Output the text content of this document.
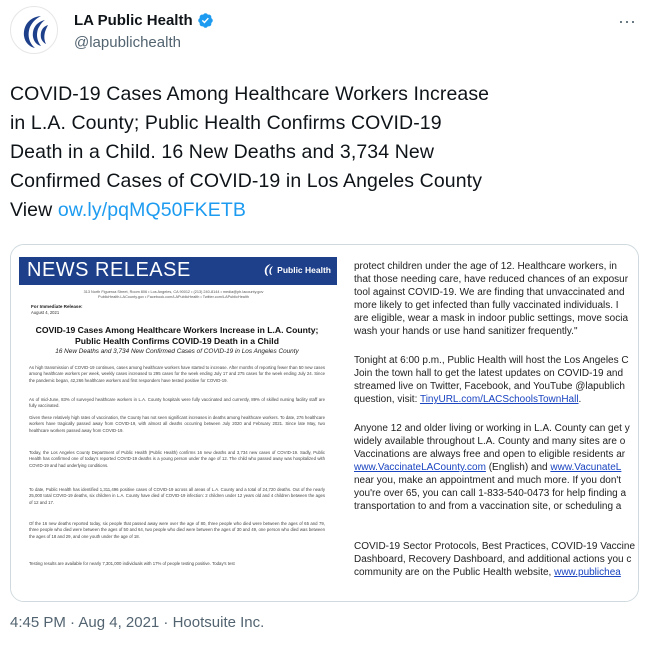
LA Public Health
@lapublichealth
···
COVID-19 Cases Among Healthcare Workers Increase
in L.A. County; Public Health Confirms COVID-19
Death in a Child. 16 New Deaths and 3,734 New
Confirmed Cases of COVID-19 in Los Angeles County
View ow.ly/pqMQ50FKETB
NEWS RELEASE	Public Health
313 North Figueroa Street, Room 806 • Los Angeles, CA 90012 • (213) 240-8144 • media@ph.lacounty.gov
PublicHealth.LACounty.gov • Facebook.com/LAPublicHealth • Twitter.com/LAPublicHealth
For Immediate Release:
August 4, 2021
COVID-19 Cases Among Healthcare Workers Increase in L.A. County;
Public Health Confirms COVID-19 Death in a Child
16 New Deaths and 3,734 New Confirmed Cases of COVID-19 in Los Angeles County
As high transmission of COVID-19 continues, cases among healthcare workers have started to increase. After months of reporting fewer than 50 new cases among healthcare workers per week, weekly cases increased to 295 cases for the week ending July 17 and 275 cases for the week ending July 24. Since the pandemic began, 42,266 healthcare workers and first responders have tested positive for COVID-19.
As of mid-June, 83% of surveyed healthcare workers in L.A. County hospitals were fully vaccinated and currently, 89% of skilled nursing facility staff are fully vaccinated.
Given these relatively high rates of vaccination, the County has not seen significant increases in deaths among healthcare workers. To date, 276 healthcare workers have tragically passed away from COVID-19, with almost all deaths occurring between July 2020 and February 2021. Since late May, two healthcare workers passed away from COVID-19.
Today, the Los Angeles County Department of Public Health (Public Health) confirms 16 new deaths and 3,734 new cases of COVID-19. Sadly, Public Health has confirmed one of today's reported COVID-19 deaths is a young person under the age of 12. The child who passed away was hospitalized with COVID-19 and had underlying conditions.
To date, Public Health has identified 1,311,496 positive cases of COVID-19 across all areas of L.A. County and a total of 24,720 deaths. Out of the nearly 25,000 total COVID-19 deaths, six children in L.A. County have died of COVID-19 infection: 2 children under 12 years old and 4 children between the ages of 12 and 17.
Of the 16 new deaths reported today, six people that passed away were over the age of 80, three people who died were between the ages of 65 and 79, three people who died were between the ages of 50 and 64, two people who died were between the ages of 30 and 49, one person who died was between the ages of 18 and 29, and one youth under the age of 18.
Testing results are available for nearly 7,301,000 individuals with 17% of people testing positive. Today's test
protect children under the age of 12. Healthcare workers, in
that those needing care, have reduced chances of an exposur
tool against COVID-19. We are finding that unvaccinated and
more likely to get infected than fully vaccinated individuals. I
are eligible, wear a mask in indoor public settings, move socia
wash your hands or use hand sanitizer frequently."
Tonight at 6:00 p.m., Public Health will host the Los Angeles C
Join the town hall to get the latest updates on COVID-19 and
streamed live on Twitter, Facebook, and YouTube @lapublich
question, visit: TinyURL.com/LACSchoolsTownHall.
Anyone 12 and older living or working in L.A. County can get y
widely available throughout L.A. County and many sites are o
Vaccinations are always free and open to eligible residents ar
www.VaccinateLACounty.com (English) and www.VacunateL
near you, make an appointment and much more. If you don't
you're over 65, you can call 1-833-540-0473 for help finding a
transportation to and from a vaccination site, or scheduling a
COVID-19 Sector Protocols, Best Practices, COVID-19 Vaccine
Dashboard, Recovery Dashboard, and additional actions you c
community are on the Public Health website, www.publichea
4:45 PM · Aug 4, 2021 · Hootsuite Inc.
